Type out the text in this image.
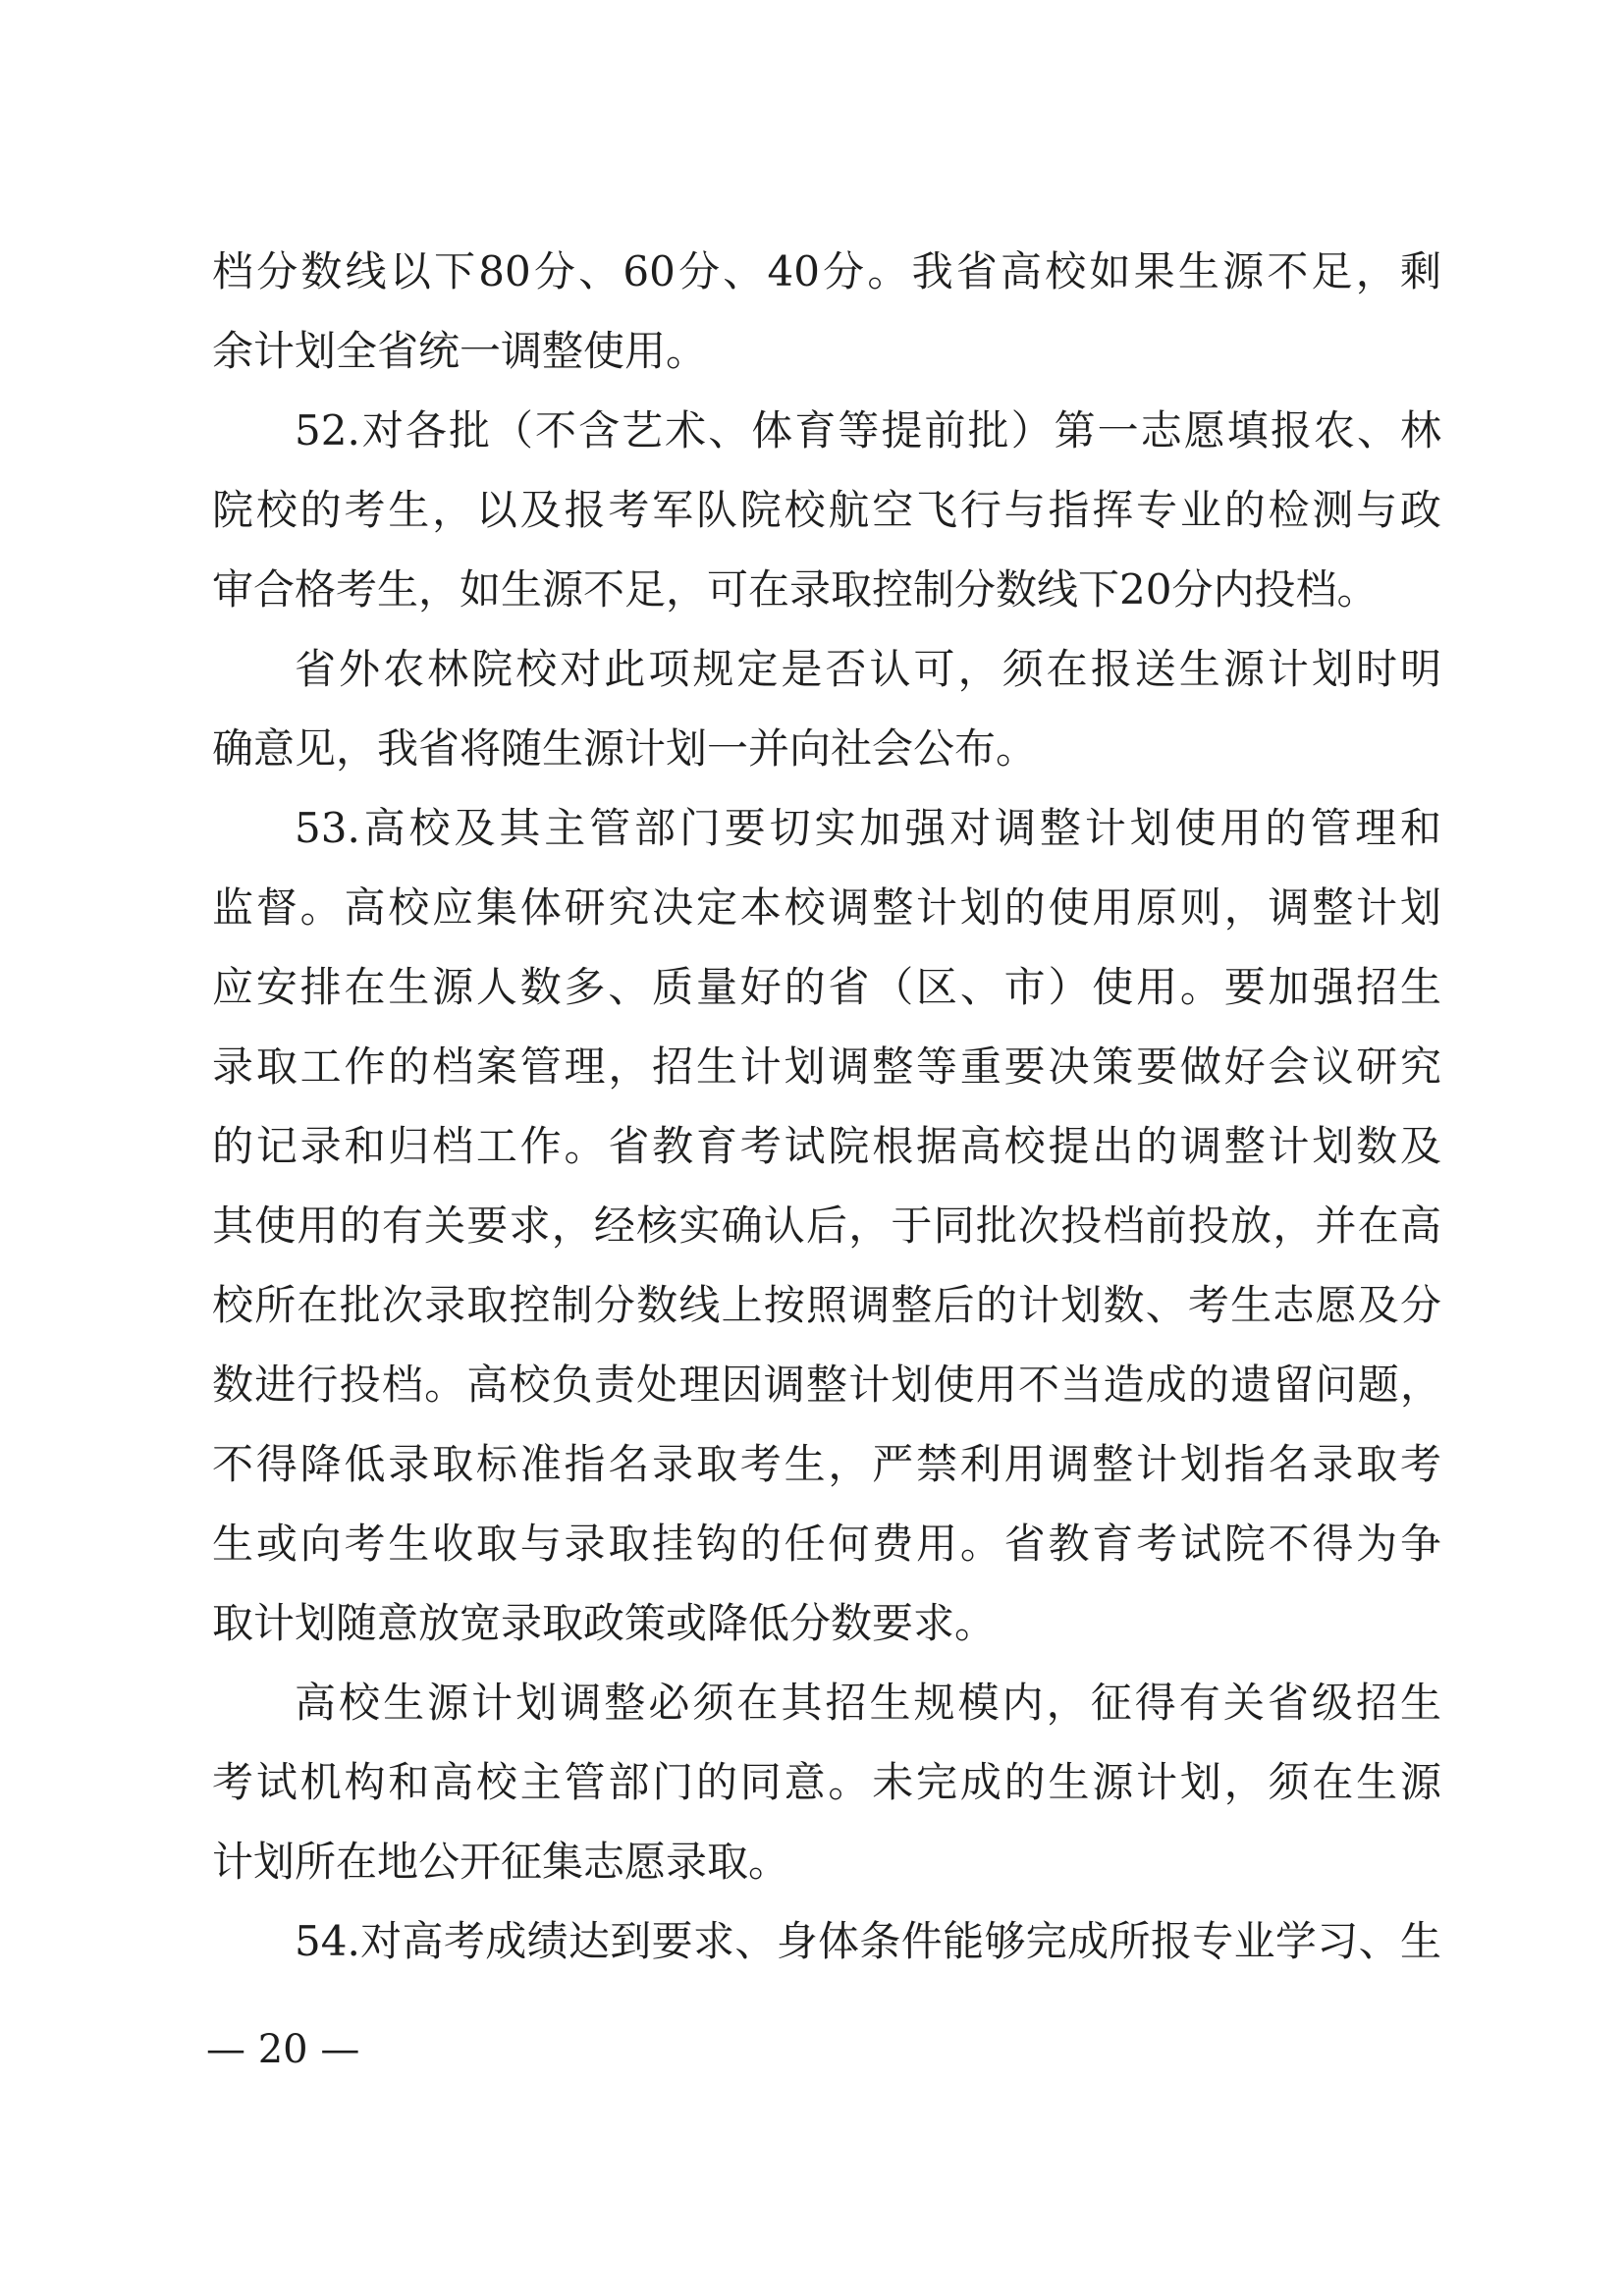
档分数线以下80分、60分、40分。我省高校如果生源不足，剩
余计划全省统一调整使用。
52.对各批（不含艺术、体育等提前批）第一志愿填报农、林
院校的考生，以及报考军队院校航空飞行与指挥专业的检测与政
审合格考生，如生源不足，可在录取控制分数线下20分内投档。
省外农林院校对此项规定是否认可，须在报送生源计划时明
确意见，我省将随生源计划一并向社会公布。
53.高校及其主管部门要切实加强对调整计划使用的管理和
监督。高校应集体研究决定本校调整计划的使用原则，调整计划
应安排在生源人数多、质量好的省（区、市）使用。要加强招生
录取工作的档案管理，招生计划调整等重要决策要做好会议研究
的记录和归档工作。省教育考试院根据高校提出的调整计划数及
其使用的有关要求，经核实确认后，于同批次投档前投放，并在高
校所在批次录取控制分数线上按照调整后的计划数、考生志愿及分
数进行投档。高校负责处理因调整计划使用不当造成的遗留问题，
不得降低录取标准指名录取考生，严禁利用调整计划指名录取考
生或向考生收取与录取挂钩的任何费用。省教育考试院不得为争
取计划随意放宽录取政策或降低分数要求。
高校生源计划调整必须在其招生规模内，征得有关省级招生
考试机构和高校主管部门的同意。未完成的生源计划，须在生源
计划所在地公开征集志愿录取。
54.对高考成绩达到要求、身体条件能够完成所报专业学习、生
— 20 —
